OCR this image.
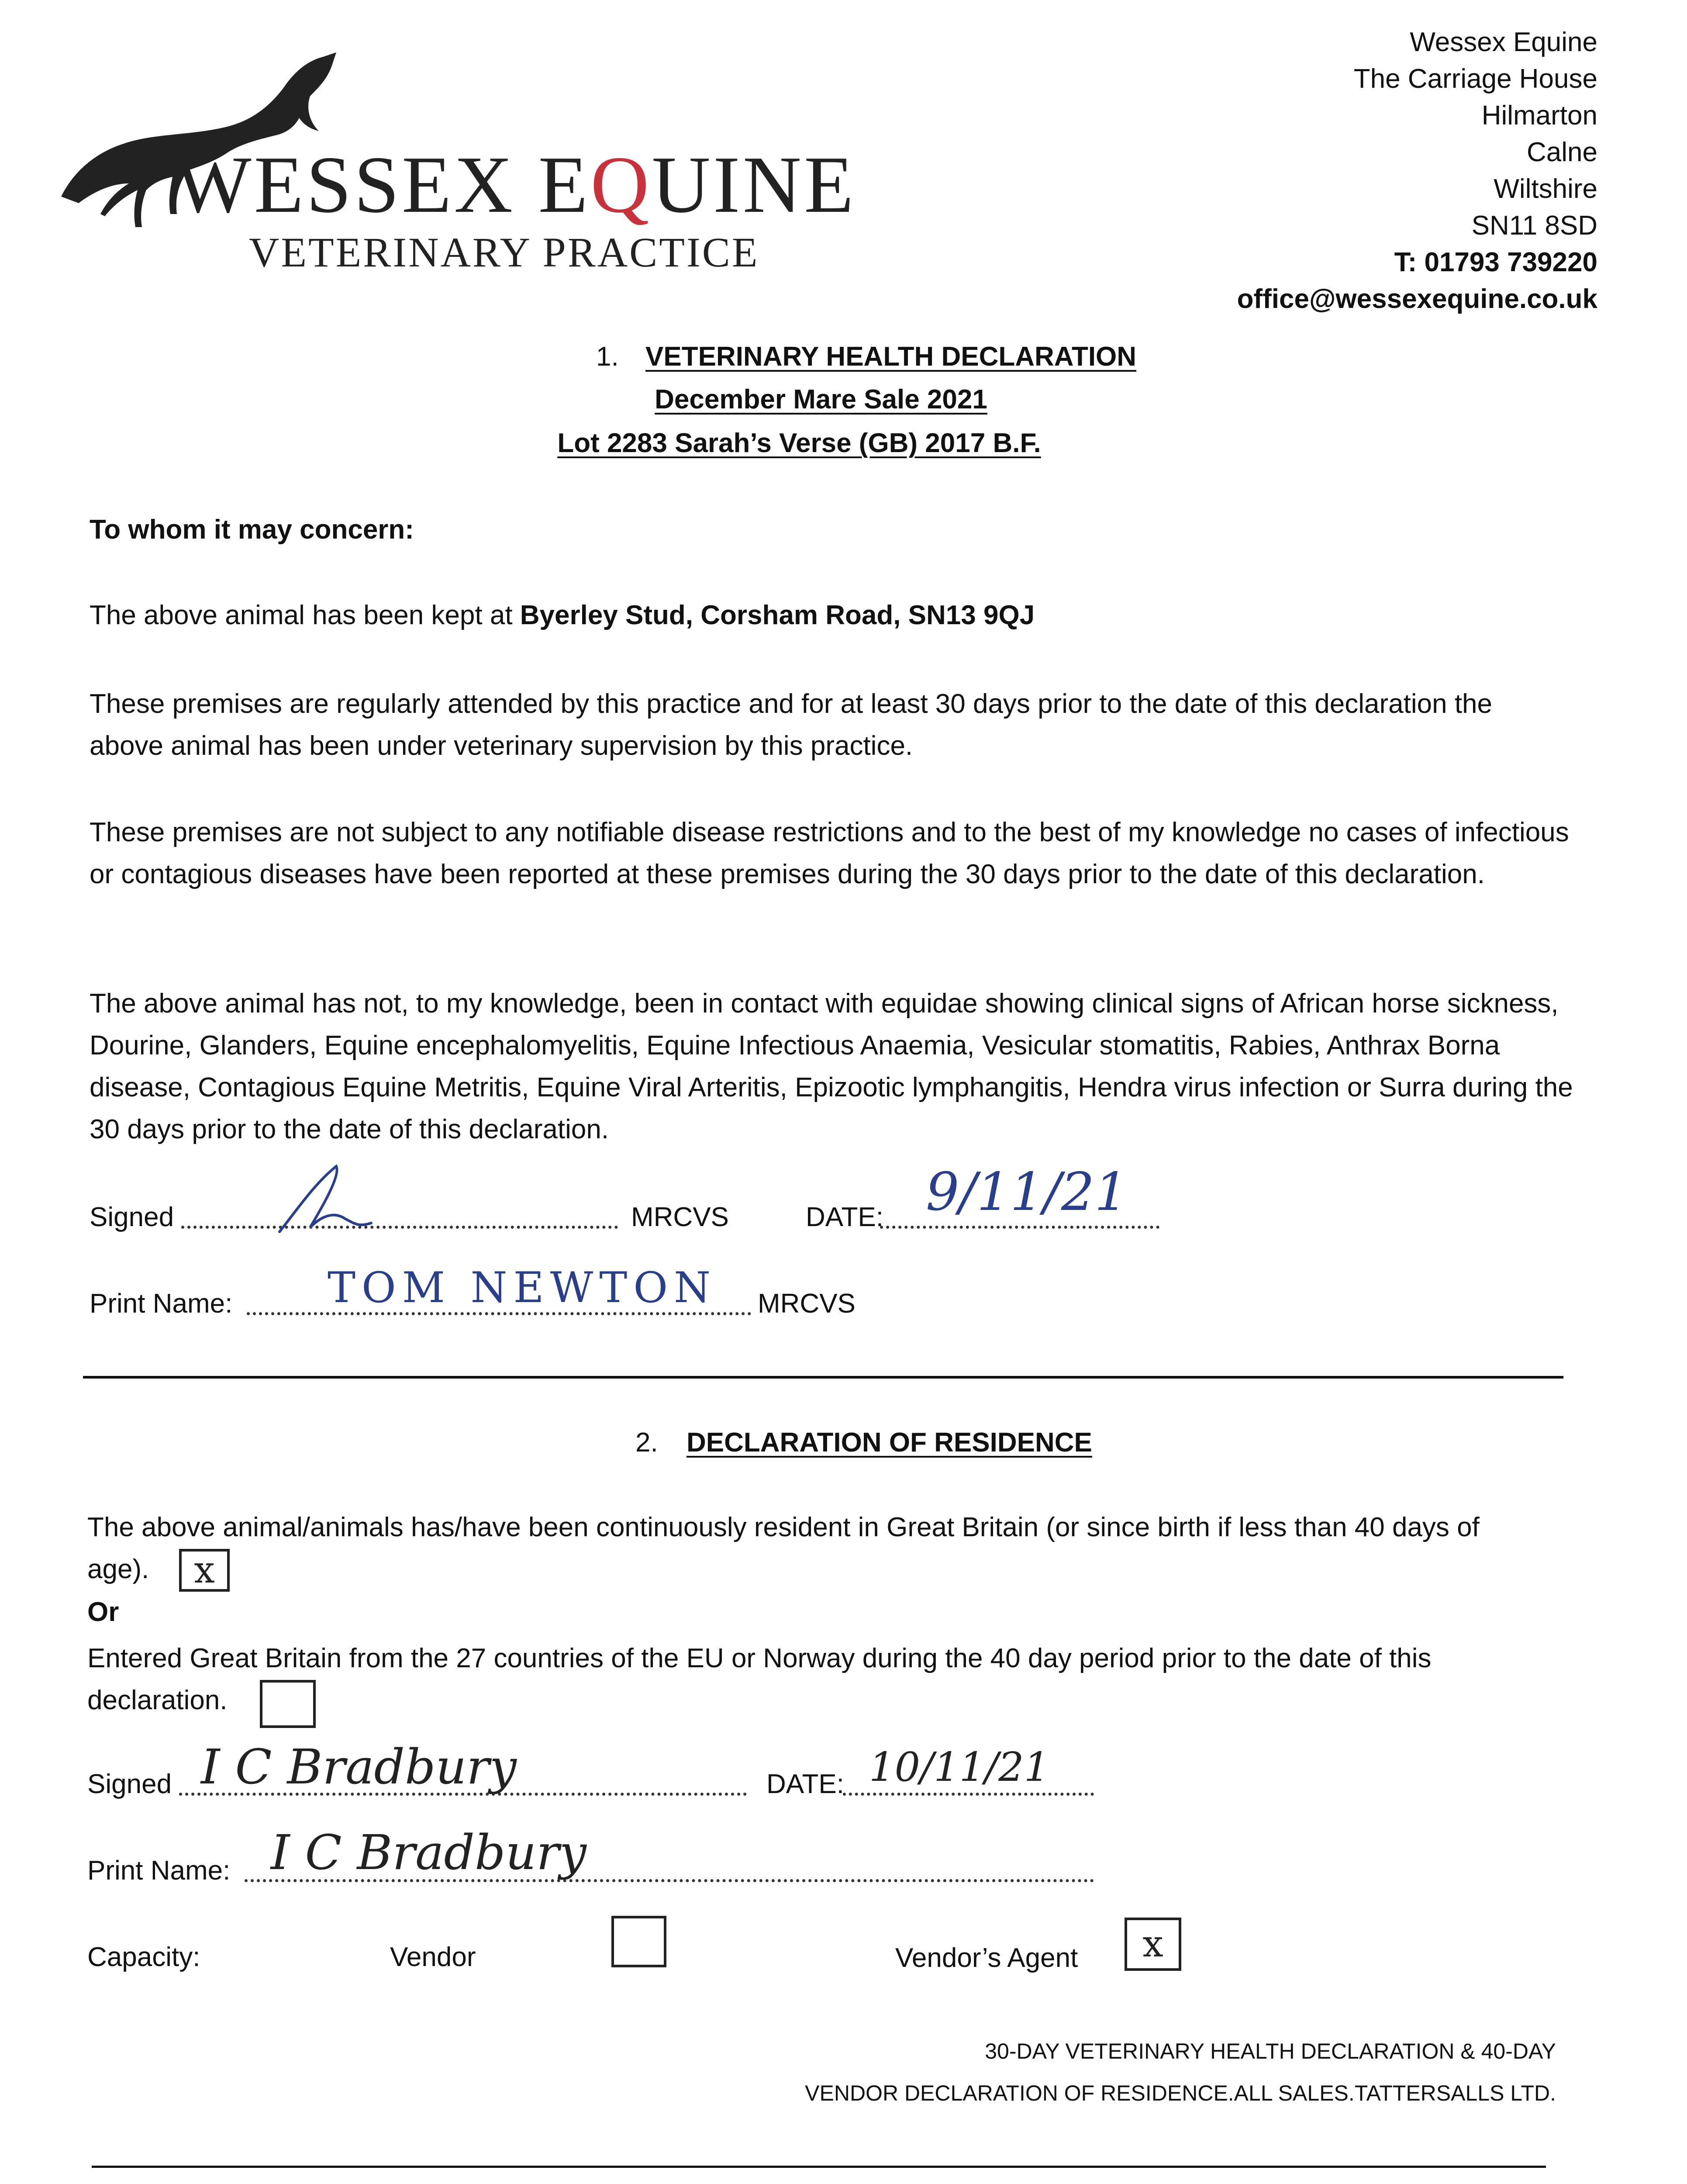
WESSEX EQUINE
VETERINARY PRACTICE
Wessex Equine
The Carriage House
Hilmarton
Calne
Wiltshire
SN11 8SD
T: 01793 739220
office@wessexequine.co.uk
1. VETERINARY HEALTH DECLARATION
December Mare Sale 2021
Lot 2283 Sarah’s Verse (GB) 2017 B.F.
To whom it may concern:
The above animal has been kept at Byerley Stud, Corsham Road, SN13 9QJ
These premises are regularly attended by this practice and for at least 30 days prior to the date of this declaration the above animal has been under veterinary supervision by this practice.
These premises are not subject to any notifiable disease restrictions and to the best of my knowledge no cases of infectious or contagious diseases have been reported at these premises during the 30 days prior to the date of this declaration.
The above animal has not, to my knowledge, been in contact with equidae showing clinical signs of African horse sickness, Dourine, Glanders, Equine encephalomyelitis, Equine Infectious Anaemia, Vesicular stomatitis, Rabies, Anthrax Borna disease, Contagious Equine Metritis, Equine Viral Arteritis, Epizootic lymphangitis, Hendra virus infection or Surra during the 30 days prior to the date of this declaration.
Signed	MRCVS	DATE: 9/11/21
Print Name: TOM NEWTON MRCVS
2. DECLARATION OF RESIDENCE
The above animal/animals has/have been continuously resident in Great Britain (or since birth if less than 40 days of
age).	x
Or
Entered Great Britain from the 27 countries of the EU or Norway during the 40 day period prior to the date of this
declaration.
Signed I C Bradbury	DATE: 10/11/21
Print Name: I C Bradbury
Capacity:	Vendor	Vendor’s Agent	x
30-DAY VETERINARY HEALTH DECLARATION & 40-DAY
VENDOR DECLARATION OF RESIDENCE.ALL SALES.TATTERSALLS LTD.
